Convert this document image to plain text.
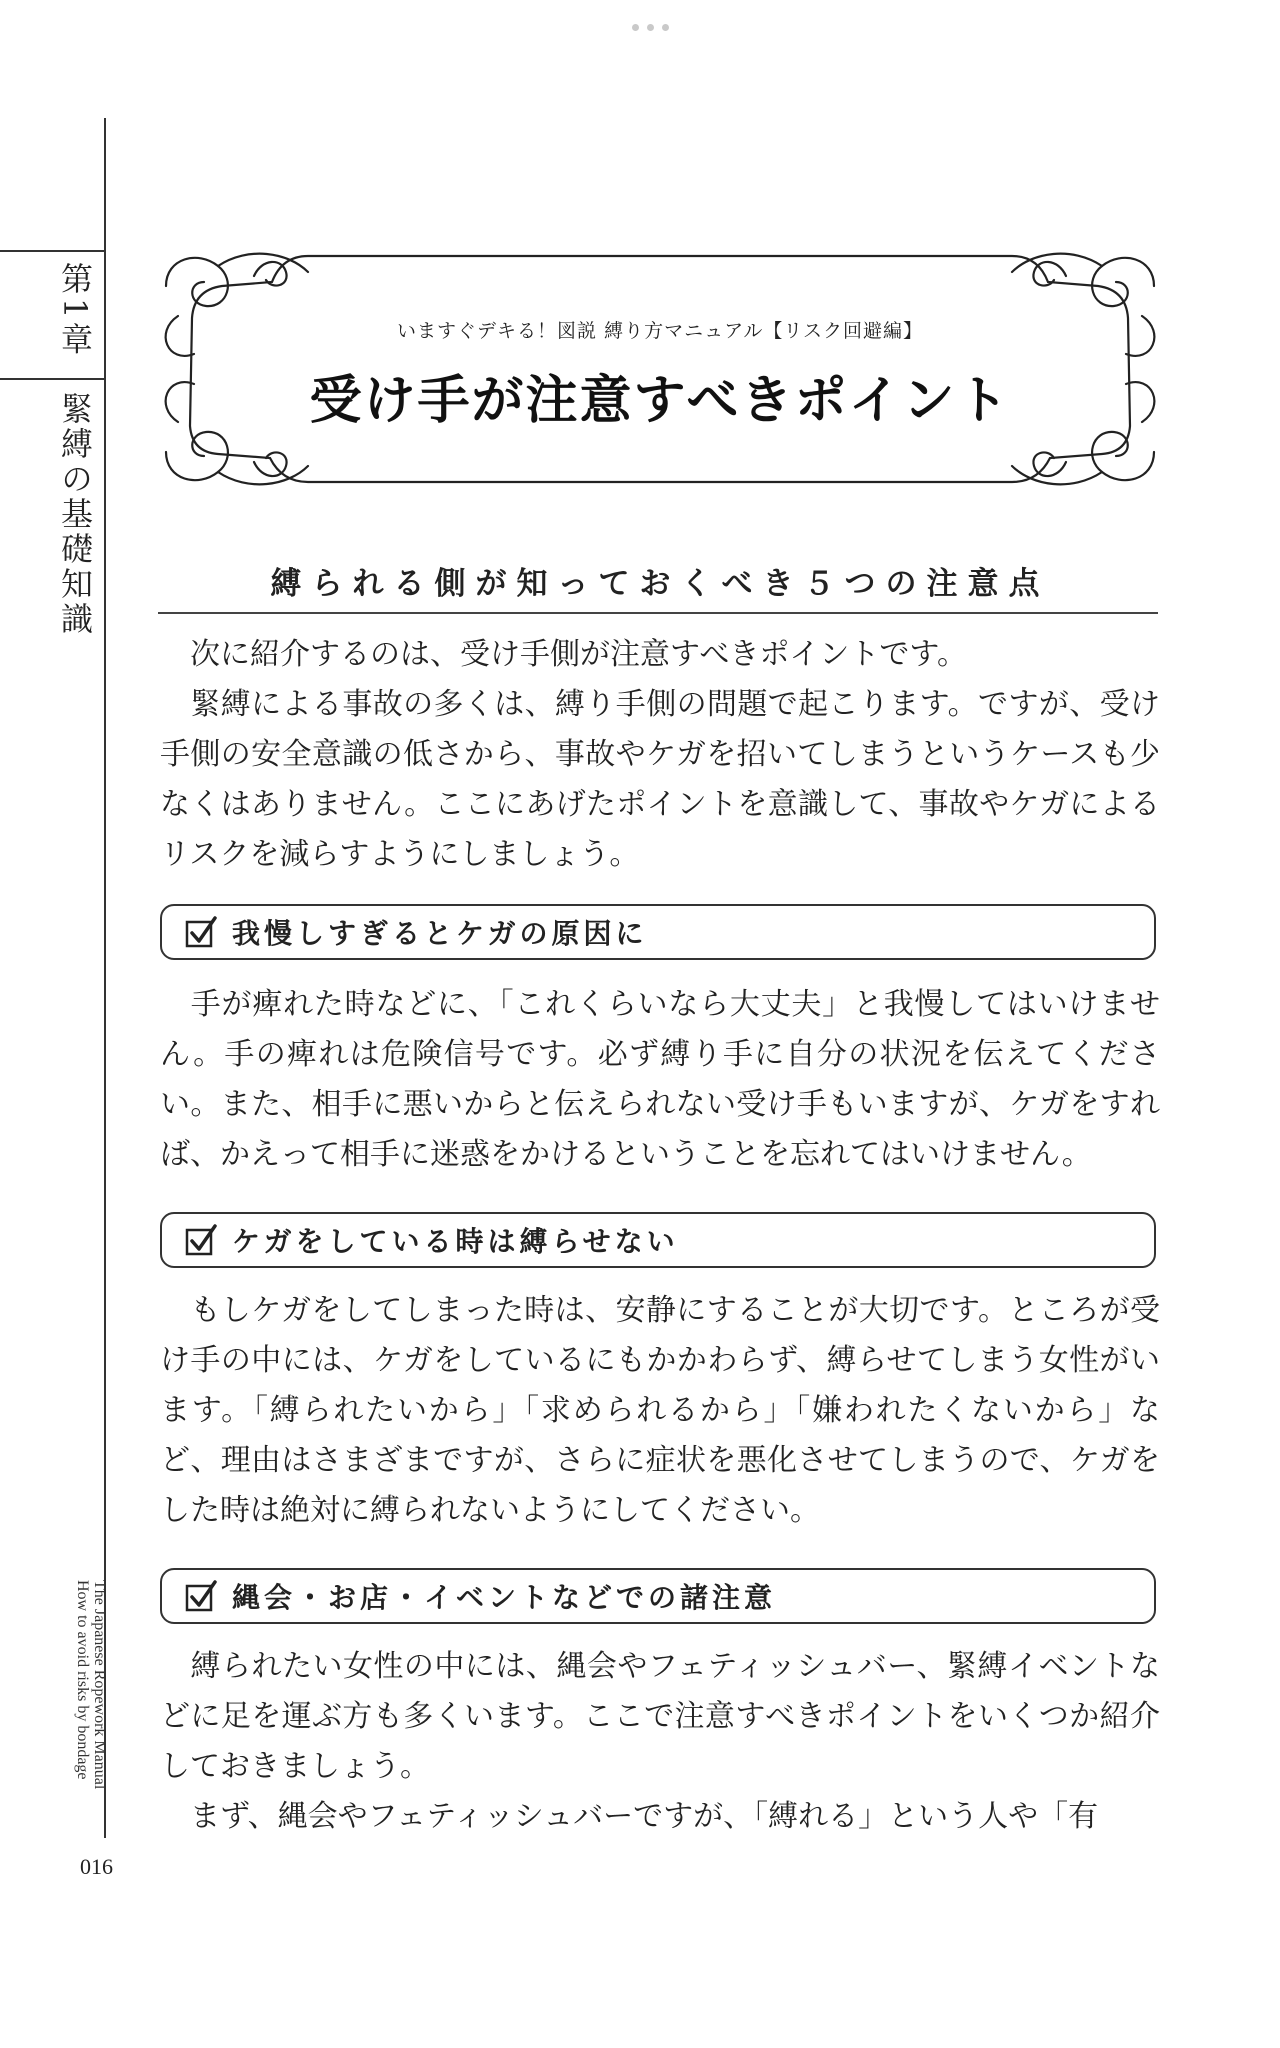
第1章
緊縛の基礎知識
The Japanese Ropework Manual
How to avoid risks by bondage
016
いますぐデキる！図説 縛り方マニュアル【リスク回避編】
受け手が注意すべきポイント
縛られる側が知っておくべき５つの注意点

　次に紹介するのは、受け手側が注意すべきポイントです。

　緊縛による事故の多くは、縛り手側の問題で起こります。ですが、受け手側の安全意識の低さから、事故やケガを招いてしまうというケースも少なくはありません。ここにあげたポイントを意識して、事故やケガによるリスクを減らすようにしましょう。

我慢しすぎるとケガの原因に

　手が痺れた時などに、「これくらいなら大丈夫」と我慢してはいけません。手の痺れは危険信号です。必ず縛り手に自分の状況を伝えてください。また、相手に悪いからと伝えられない受け手もいますが、ケガをすれば、かえって相手に迷惑をかけるということを忘れてはいけません。

ケガをしている時は縛らせない

　もしケガをしてしまった時は、安静にすることが大切です。ところが受け手の中には、ケガをしているにもかかわらず、縛らせてしまう女性がいます。「縛られたいから」「求められるから」「嫌われたくないから」など、理由はさまざまですが、さらに症状を悪化させてしまうので、ケガをした時は絶対に縛られないようにしてください。

縄会・お店・イベントなどでの諸注意

　縛られたい女性の中には、縄会やフェティッシュバー、緊縛イベントなどに足を運ぶ方も多くいます。ここで注意すべきポイントをいくつか紹介しておきましょう。

　まず、縄会やフェティッシュバーですが、「縛れる」という人や「有
